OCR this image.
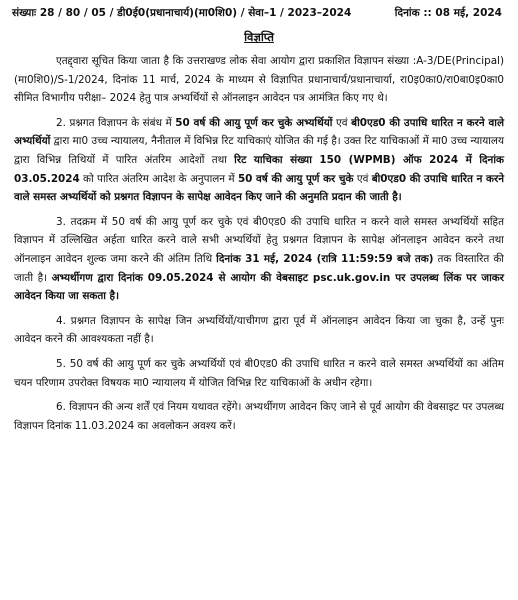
संख्याः 28 / 80 / 05 / डी0ई0(प्रधानाचार्य)(मा0शि0) / सेवा–1 / 2023–2024	दिनांक :: 08 मई, 2024
विज्ञप्ति

एतद्द्वारा सूचित किया जाता है कि उत्तराखण्ड लोक सेवा आयोग द्वारा प्रकाशित विज्ञापन संख्या :A-3/DE(Principal)(मा0शि0)/S-1/2024, दिनांक 11 मार्च, 2024 के माध्यम से विज्ञापित प्रधानाचार्य/प्रधानाचार्या, रा0इ0का0/रा0बा0इ0का0 सीमित विभागीय परीक्षा– 2024 हेतु पात्र अभ्यर्थियों से ऑनलाइन आवेदन पत्र आमंत्रित किए गए थे।

2. प्रश्नगत विज्ञापन के संबंध में 50 वर्ष की आयु पूर्ण कर चुके अभ्यर्थियों एवं बी0एड0 की उपाधि धारित न करने वाले अभ्यर्थियों द्वारा मा0 उच्च न्यायालय, नैनीताल में विभिन्न रिट याचिकाएं योजित की गई है। उक्त रिट याचिकाओं में मा0 उच्च न्यायालय द्वारा विभिन्न तिथियों में पारित अंतरिम आदेशों तथा रिट याचिका संख्या 150 (WPMB) ऑफ 2024 में दिनांक 03.05.2024 को पारित अंतरिम आदेश के अनुपालन में 50 वर्ष की आयु पूर्ण कर चुके एवं बी0एड0 की उपाधि धारित न करने वाले समस्त अभ्यर्थियों को प्रश्नगत विज्ञापन के सापेक्ष आवेदन किए जाने की अनुमति प्रदान की जाती है।

3. तदक्रम में 50 वर्ष की आयु पूर्ण कर चुके एवं बी0एड0 की उपाधि धारित न करने वाले समस्त अभ्यर्थियों सहित विज्ञापन में उल्लिखित अर्हता धारित करने वाले सभी अभ्यर्थियों हेतु प्रश्नगत विज्ञापन के सापेक्ष ऑनलाइन आवेदन करने तथा ऑनलाइन आवेदन शुल्क जमा करने की अंतिम तिथि दिनांक 31 मई, 2024 (रात्रि 11:59:59 बजे तक) तक विस्तारित की जाती है। अभ्यर्थीगण द्वारा दिनांक 09.05.2024 से आयोग की वेबसाइट psc.uk.gov.in पर उपलब्ध लिंक पर जाकर आवेदन किया जा सकता है।

4. प्रश्नगत विज्ञापन के सापेक्ष जिन अभ्यर्थियों/याचीगण द्वारा पूर्व में ऑनलाइन आवेदन किया जा चुका है, उन्हें पुनः आवेदन करने की आवश्यकता नहीं है।

5. 50 वर्ष की आयु पूर्ण कर चुके अभ्यर्थियों एवं बी0एड0 की उपाधि धारित न करने वाले समस्त अभ्यर्थियों का अंतिम चयन परिणाम उपरोक्त विषयक मा0 न्यायालय में योजित विभिन्न रिट याचिकाओं के अधीन रहेगा।

6. विज्ञापन की अन्य शर्तें एवं नियम यथावत रहेंगे। अभ्यर्थीगण आवेदन किए जाने से पूर्व आयोग की वेबसाइट पर उपलब्ध विज्ञापन दिनांक 11.03.2024 का अवलोकन अवश्य करें।
